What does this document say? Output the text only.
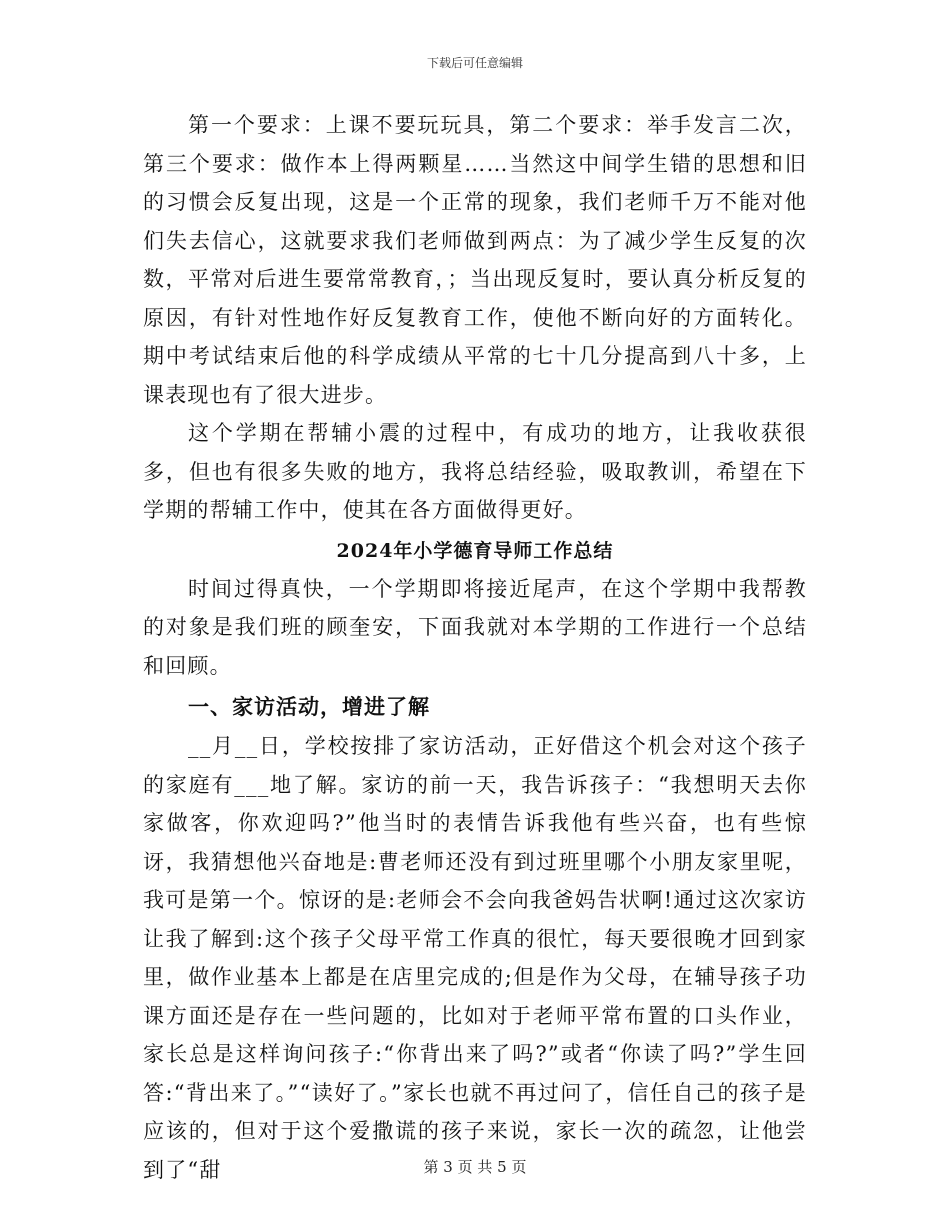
下载后可任意编辑

第一个要求：上课不要玩玩具，第二个要求：举手发言二次，第三个要求：做作本上得两颗星……当然这中间学生错的思想和旧的习惯会反复出现，这是一个正常的现象，我们老师千万不能对他们失去信心，这就要求我们老师做到两点：为了减少学生反复的次数，平常对后进生要常常教育，；当出现反复时，要认真分析反复的原因，有针对性地作好反复教育工作，使他不断向好的方面转化。期中考试结束后他的科学成绩从平常的七十几分提高到八十多，上课表现也有了很大进步。

这个学期在帮辅小震的过程中，有成功的地方，让我收获很多，但也有很多失败的地方，我将总结经验，吸取教训，希望在下学期的帮辅工作中，使其在各方面做得更好。

2024年小学德育导师工作总结

时间过得真快，一个学期即将接近尾声，在这个学期中我帮教的对象是我们班的顾奎安，下面我就对本学期的工作进行一个总结和回顾。

一、家访活动，增进了解

__月__日，学校按排了家访活动，正好借这个机会对这个孩子的家庭有___地了解。家访的前一天，我告诉孩子：“我想明天去你家做客，你欢迎吗?”他当时的表情告诉我他有些兴奋，也有些惊讶，我猜想他兴奋地是:曹老师还没有到过班里哪个小朋友家里呢，我可是第一个。惊讶的是:老师会不会向我爸妈告状啊!通过这次家访让我了解到:这个孩子父母平常工作真的很忙，每天要很晚才回到家里，做作业基本上都是在店里完成的;但是作为父母，在辅导孩子功课方面还是存在一些问题的，比如对于老师平常布置的口头作业，家长总是这样询问孩子:“你背出来了吗?”或者“你读了吗?”学生回答:“背出来了。”“读好了。”家长也就不再过问了，信任自己的孩子是应该的，但对于这个爱撒谎的孩子来说，家长一次的疏忽，让他尝到了“甜	第 3 页 共 5 页
